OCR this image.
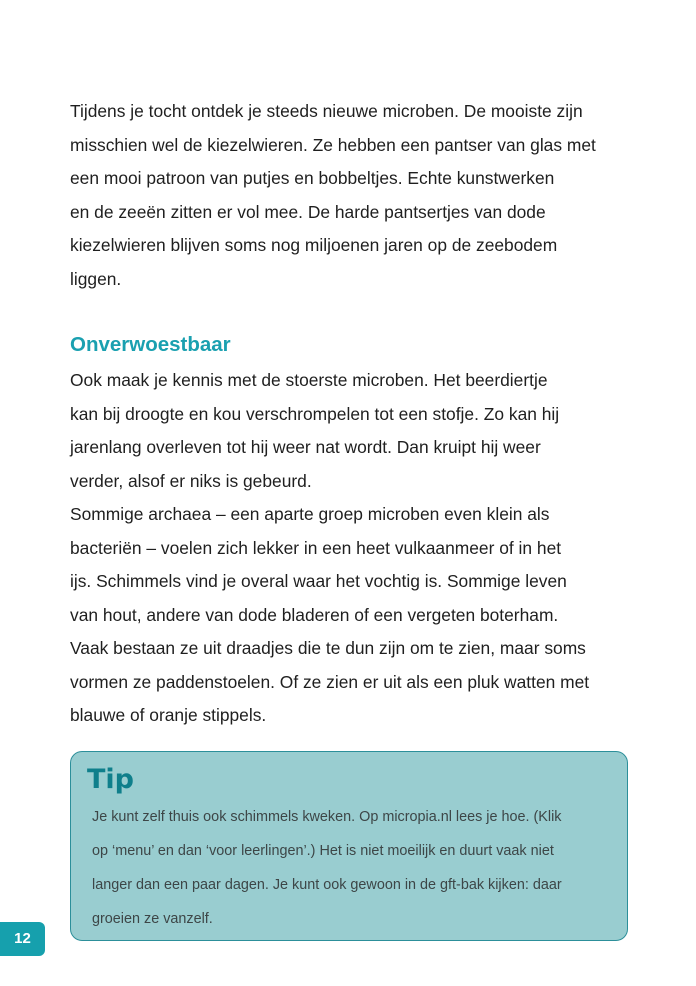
Tijdens je tocht ontdek je steeds nieuwe microben. De mooiste zijn
misschien wel de kiezelwieren. Ze hebben een pantser van glas met
een mooi patroon van putjes en bobbeltjes. Echte kunstwerken
en de zeeën zitten er vol mee. De harde pantsertjes van dode
kiezelwieren blijven soms nog miljoenen jaren op de zeebodem
liggen.
Onverwoestbaar
Ook maak je kennis met de stoerste microben. Het beerdiertje
kan bij droogte en kou verschrompelen tot een stofje. Zo kan hij
jarenlang overleven tot hij weer nat wordt. Dan kruipt hij weer
verder, alsof er niks is gebeurd.
Sommige archaea – een aparte groep microben even klein als
bacteriën – voelen zich lekker in een heet vulkaanmeer of in het
ijs. Schimmels vind je overal waar het vochtig is. Sommige leven
van hout, andere van dode bladeren of een vergeten boterham.
Vaak bestaan ze uit draadjes die te dun zijn om te zien, maar soms
vormen ze paddenstoelen. Of ze zien er uit als een pluk watten met
blauwe of oranje stippels.
Tip
Je kunt zelf thuis ook schimmels kweken. Op micropia.nl lees je hoe. (Klik
op ‘menu’ en dan ‘voor leerlingen’.) Het is niet moeilijk en duurt vaak niet
langer dan een paar dagen. Je kunt ook gewoon in de gft-bak kijken: daar
groeien ze vanzelf.
12
